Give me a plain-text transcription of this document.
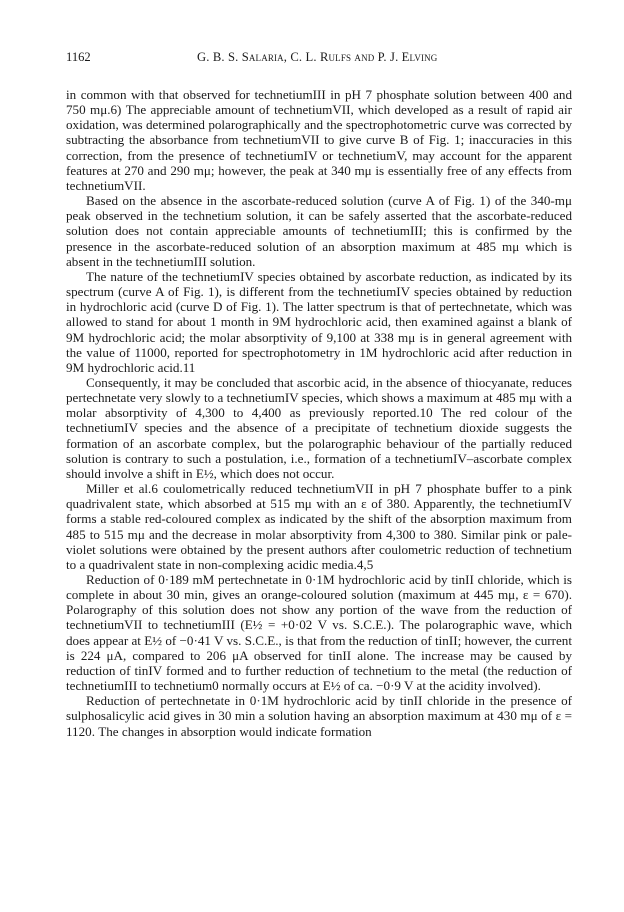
1162	G. B. S. Salaria, C. L. Rulfs and P. J. Elving

in common with that observed for technetiumIII in pH 7 phosphate solution between 400 and 750 mμ.6) The appreciable amount of technetiumVII, which developed as a result of rapid air oxidation, was determined polarographically and the spectrophotometric curve was corrected by subtracting the absorbance from technetiumVII to give curve B of Fig. 1; inaccuracies in this correction, from the presence of technetiumIV or technetiumV, may account for the apparent features at 270 and 290 mμ; however, the peak at 340 mμ is essentially free of any effects from technetiumVII.

Based on the absence in the ascorbate-reduced solution (curve A of Fig. 1) of the 340-mμ peak observed in the technetium solution, it can be safely asserted that the ascorbate-reduced solution does not contain appreciable amounts of technetiumIII; this is confirmed by the presence in the ascorbate-reduced solution of an absorption maximum at 485 mμ which is absent in the technetiumIII solution.

The nature of the technetiumIV species obtained by ascorbate reduction, as indicated by its spectrum (curve A of Fig. 1), is different from the technetiumIV species obtained by reduction in hydrochloric acid (curve D of Fig. 1). The latter spectrum is that of pertechnetate, which was allowed to stand for about 1 month in 9M hydrochloric acid, then examined against a blank of 9M hydrochloric acid; the molar absorptivity of 9,100 at 338 mμ is in general agreement with the value of 11000, reported for spectrophotometry in 1M hydrochloric acid after reduction in 9M hydrochloric acid.11

Consequently, it may be concluded that ascorbic acid, in the absence of thiocyanate, reduces pertechnetate very slowly to a technetiumIV species, which shows a maximum at 485 mμ with a molar absorptivity of 4,300 to 4,400 as previously reported.10 The red colour of the technetiumIV species and the absence of a precipitate of technetium dioxide suggests the formation of an ascorbate complex, but the polarographic behaviour of the partially reduced solution is contrary to such a postulation, i.e., formation of a technetiumIV–ascorbate complex should involve a shift in E½, which does not occur.

Miller et al.6 coulometrically reduced technetiumVII in pH 7 phosphate buffer to a pink quadrivalent state, which absorbed at 515 mμ with an ε of 380. Apparently, the technetiumIV forms a stable red-coloured complex as indicated by the shift of the absorption maximum from 485 to 515 mμ and the decrease in molar absorptivity from 4,300 to 380. Similar pink or pale-violet solutions were obtained by the present authors after coulometric reduction of technetium to a quadrivalent state in non-complexing acidic media.4,5

Reduction of 0·189 mM pertechnetate in 0·1M hydrochloric acid by tinII chloride, which is complete in about 30 min, gives an orange-coloured solution (maximum at 445 mμ, ε = 670). Polarography of this solution does not show any portion of the wave from the reduction of technetiumVII to technetiumIII (E½ = +0·02 V vs. S.C.E.). The polarographic wave, which does appear at E½ of −0·41 V vs. S.C.E., is that from the reduction of tinII; however, the current is 224 μA, compared to 206 μA observed for tinII alone. The increase may be caused by reduction of tinIV formed and to further reduction of technetium to the metal (the reduction of technetiumIII to technetium0 normally occurs at E½ of ca. −0·9 V at the acidity involved).

Reduction of pertechnetate in 0·1M hydrochloric acid by tinII chloride in the presence of sulphosalicylic acid gives in 30 min a solution having an absorption maximum at 430 mμ of ε = 1120. The changes in absorption would indicate formation
